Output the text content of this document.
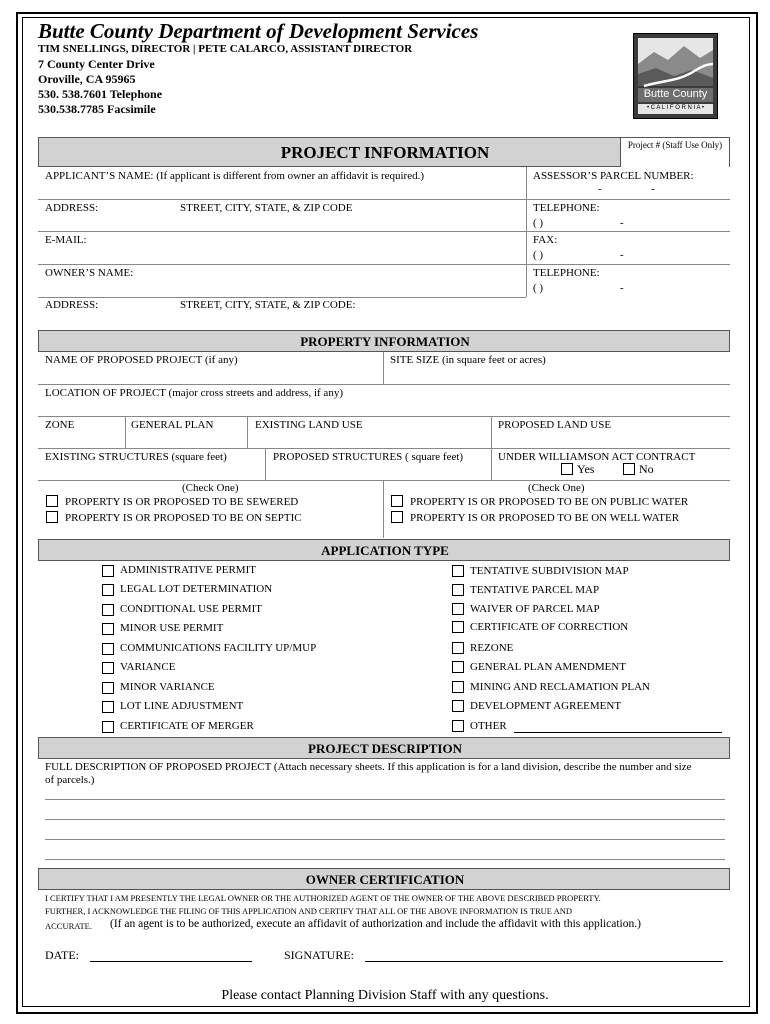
Butte County Department of Development Services
TIM SNELLINGS, DIRECTOR | PETE CALARCO, ASSISTANT DIRECTOR
7 County Center Drive
Oroville, CA 95965
530. 538.7601 Telephone
530.538.7785 Facsimile
Butte County
• C A L I F O R N I A •
PROJECT INFORMATION	Project # (Staff Use Only)
APPLICANT’S NAME: (If applicant is different from owner an affidavit is required.)	ASSESSOR’S PARCEL NUMBER:
-	-
ADDRESS:	STREET, CITY, STATE, & ZIP CODE	TELEPHONE:
( )	-
E-MAIL:	FAX:
( )	-
OWNER’S NAME:	TELEPHONE:
( )	-
ADDRESS:	STREET, CITY, STATE, & ZIP CODE:
PROPERTY INFORMATION
NAME OF PROPOSED PROJECT (if any)	SITE SIZE (in square feet or acres)
LOCATION OF PROJECT (major cross streets and address, if any)
ZONE	GENERAL PLAN	EXISTING LAND USE	PROPOSED LAND USE
EXISTING STRUCTURES (square feet)	PROPOSED STRUCTURES ( square feet)	UNDER WILLIAMSON ACT CONTRACT
Yes	No
(Check One)	(Check One)
PROPERTY IS OR PROPOSED TO BE SEWERED
PROPERTY IS OR PROPOSED TO BE ON SEPTIC
PROPERTY IS OR PROPOSED TO BE ON PUBLIC WATER
PROPERTY IS OR PROPOSED TO BE ON WELL WATER
APPLICATION TYPE
ADMINISTRATIVE PERMIT
LEGAL LOT DETERMINATION
CONDITIONAL USE PERMIT
MINOR USE PERMIT
COMMUNICATIONS FACILITY UP/MUP
VARIANCE
MINOR VARIANCE
LOT LINE ADJUSTMENT
CERTIFICATE OF MERGER
TENTATIVE SUBDIVISION MAP
TENTATIVE PARCEL MAP
WAIVER OF PARCEL MAP
CERTIFICATE OF CORRECTION
REZONE
GENERAL PLAN AMENDMENT
MINING AND RECLAMATION PLAN
DEVELOPMENT AGREEMENT
OTHER
PROJECT DESCRIPTION
FULL DESCRIPTION OF PROPOSED PROJECT (Attach necessary sheets. If this application is for a land division, describe the number and size
of parcels.)
OWNER CERTIFICATION
I CERTIFY THAT I AM PRESENTLY THE LEGAL OWNER OR THE AUTHORIZED AGENT OF THE OWNER OF THE ABOVE DESCRIBED PROPERTY.
FURTHER, I ACKNOWLEDGE THE FILING OF THIS APPLICATION AND CERTIFY THAT ALL OF THE ABOVE INFORMATION IS TRUE AND
ACCURATE. (If an agent is to be authorized, execute an affidavit of authorization and include the affidavit with this application.)
DATE:	SIGNATURE:
Please contact Planning Division Staff with any questions.
